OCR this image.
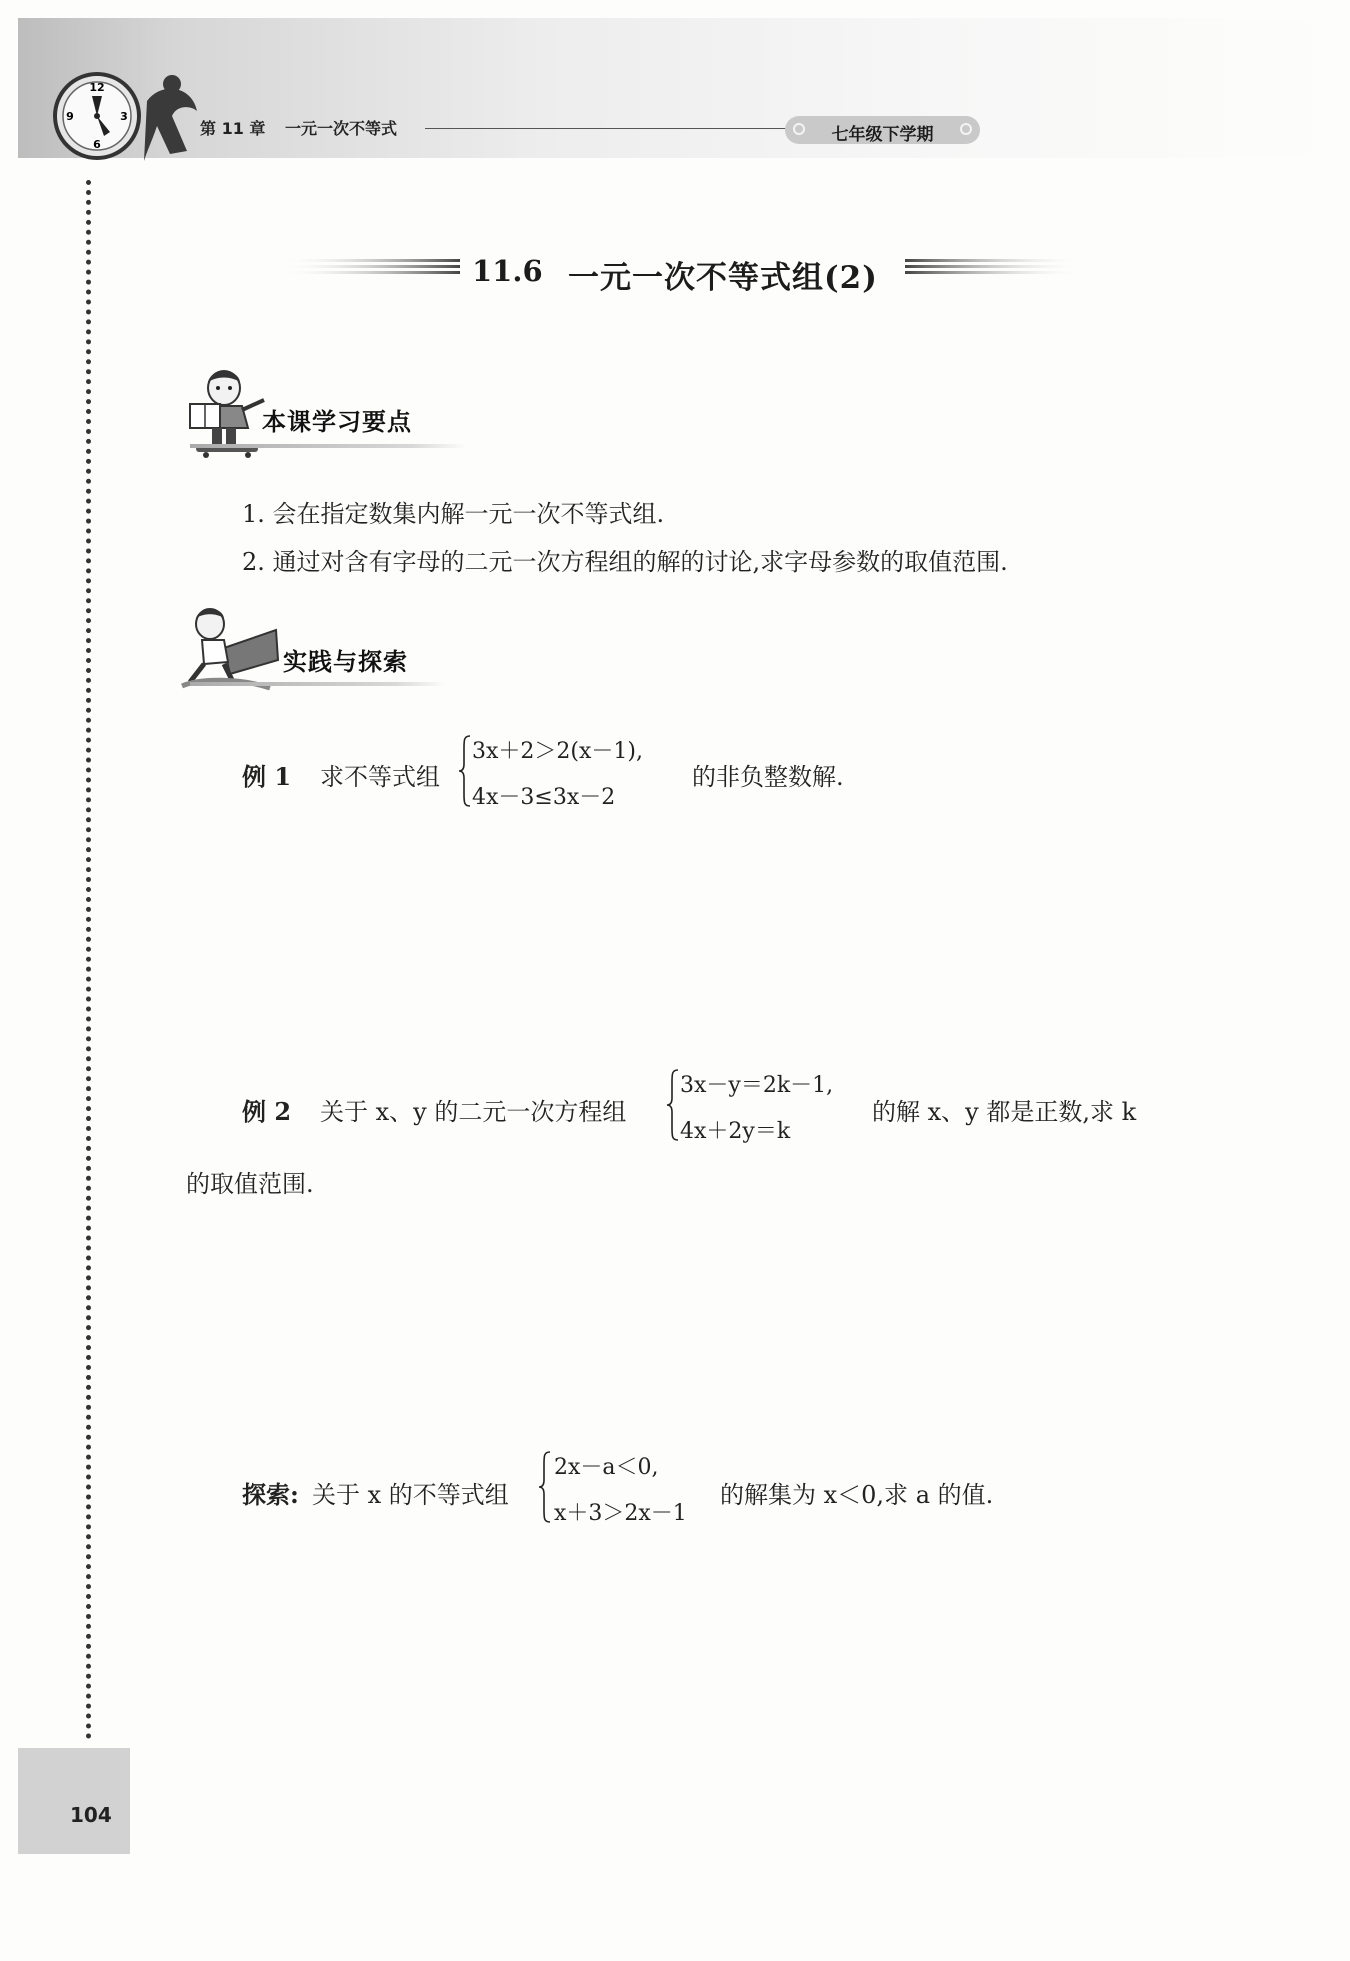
12
3
6
9
第 11 章 一元一次不等式	七年级下学期
11.6 一元一次不等式组(2)
本课学习要点
1. 会在指定数集内解一元一次不等式组.
2. 通过对含有字母的二元一次方程组的解的讨论,求字母参数的取值范围.
实践与探索
例 1 求不等式组
3x＋2＞2(x－1),
4x－3≤3x－2
的非负整数解.
例 2 关于 x、y 的二元一次方程组
3x－y＝2k－1,
4x＋2y＝k
的解 x、y 都是正数,求 k
的取值范围.
探索: 关于 x 的不等式组
2x－a＜0,
x＋3＞2x－1
的解集为 x＜0,求 a 的值.
104
